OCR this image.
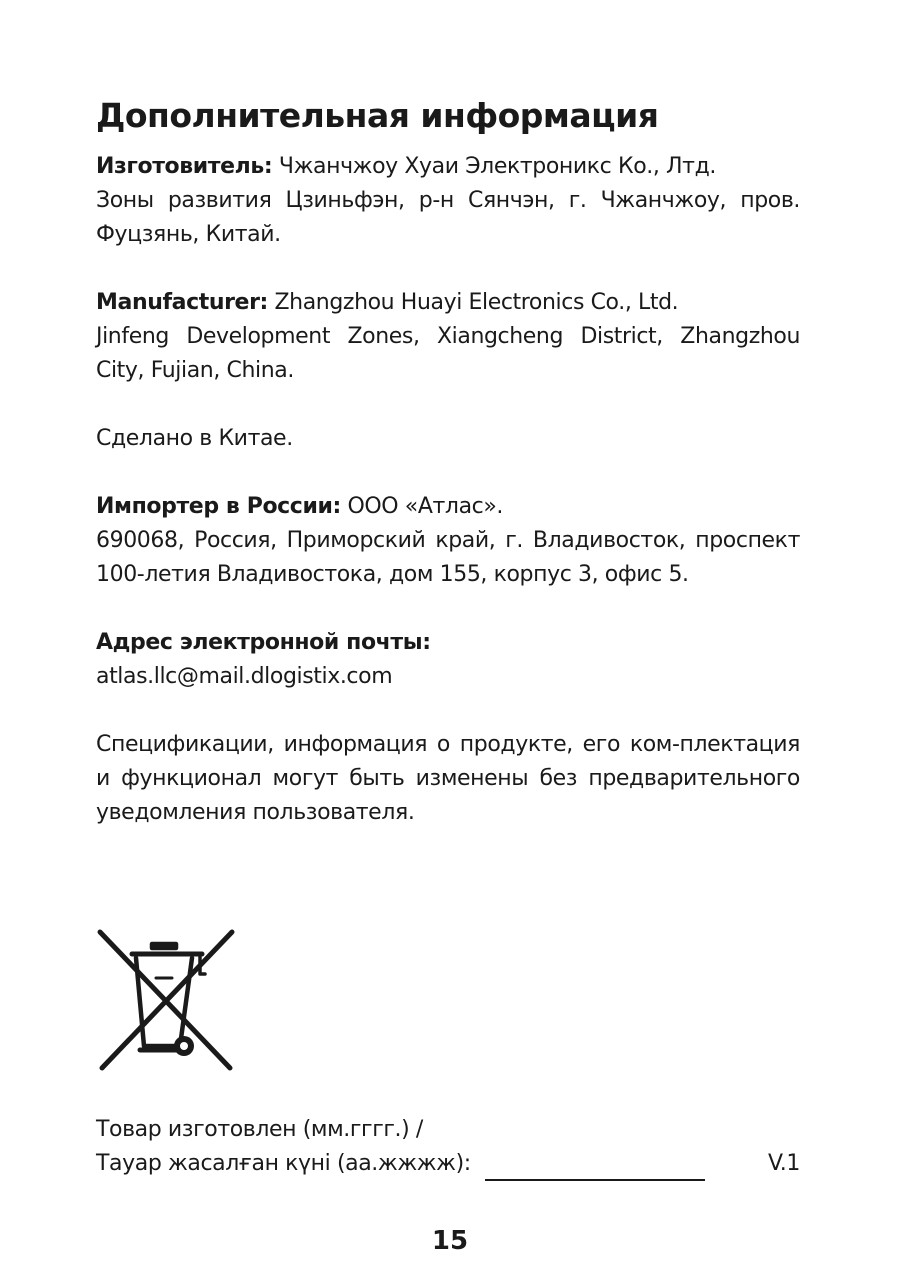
Дополнительная информация
Изготовитель: Чжанчжоу Хуаи Электроникс Ко., Лтд.
Зоны развития Цзиньфэн, р-н Сянчэн, г. Чжанчжоу, пров. Фуцзянь, Китай.
Manufacturer: Zhangzhou Huayi Electronics Co., Ltd.
Jinfeng Development Zones, Xiangcheng District, Zhangzhou City, Fujian, China.
Сделано в Китае.
Импортер в России: ООО «Атлас».
690068, Россия, Приморский край, г. Владивосток, проспект 100-летия Владивостока, дом 155, корпус 3, офис 5.
Адрес электронной почты:
atlas.llc@mail.dlogistix.com
Спецификации, информация о продукте, его ком-плектация и функционал могут быть изменены без предварительного уведомления пользователя.
Товар изготовлен (мм.гггг.) /
Тауар жасалған күні (аа.жжжж):	V.1
15
